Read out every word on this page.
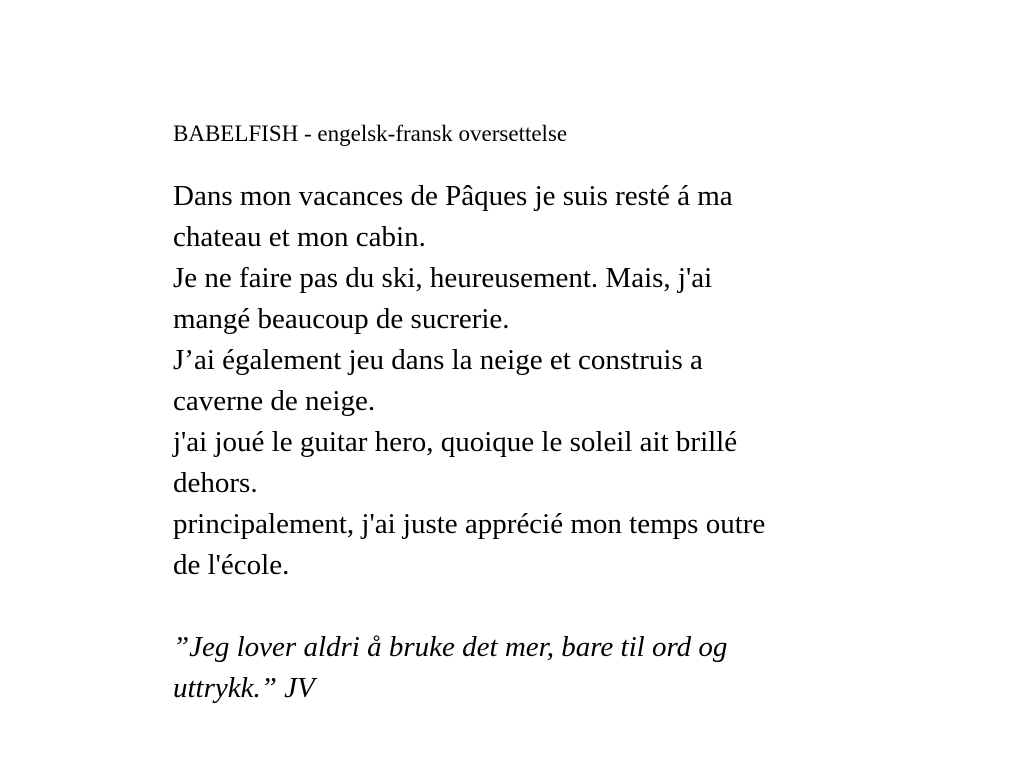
BABELFISH - engelsk-fransk oversettelse
Dans mon vacances de Pâques je suis resté á ma
chateau et mon cabin.
Je ne faire pas du ski, heureusement. Mais, j'ai
mangé beaucoup de sucrerie.
J’ai également jeu dans la neige et construis a
caverne de neige.
j'ai joué le guitar hero, quoique le soleil ait brillé
dehors.
principalement, j'ai juste apprécié mon temps outre
de l'école.
”Jeg lover aldri å bruke det mer, bare til ord og
uttrykk.” JV
